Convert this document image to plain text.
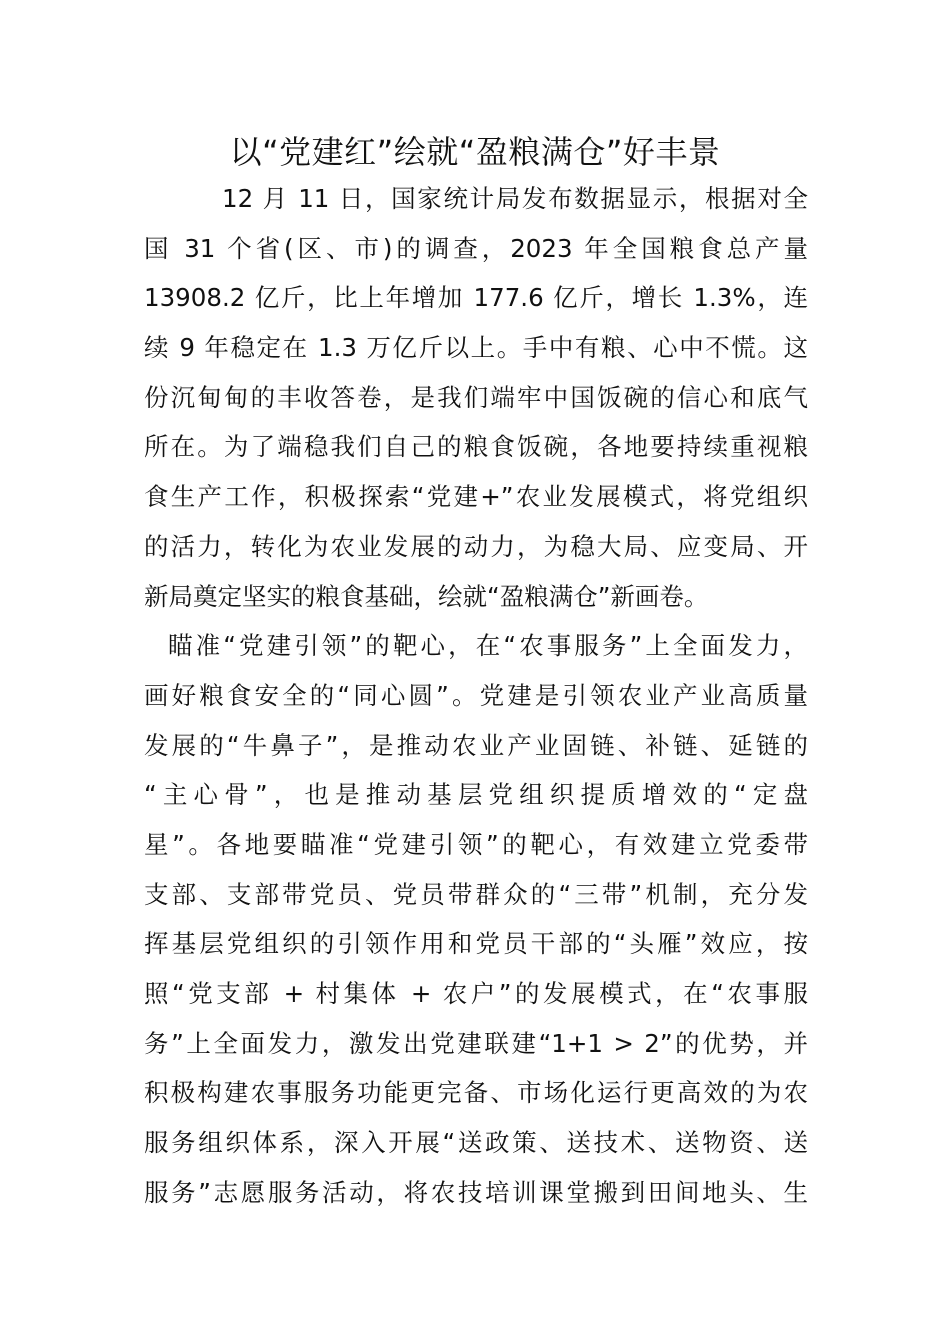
以“党建红”绘就“盈粮满仓”好丰景
12 月 11 日，国家统计局发布数据显示，根据对全
国 31 个省(区、市)的调查，2023 年全国粮食总产量
13908.2 亿斤，比上年增加 177.6 亿斤，增长 1.3%，连
续 9 年稳定在 1.3 万亿斤以上。手中有粮、心中不慌。这
份沉甸甸的丰收答卷，是我们端牢中国饭碗的信心和底气
所在。为了端稳我们自己的粮食饭碗，各地要持续重视粮
食生产工作，积极探索“党建+”农业发展模式，将党组织
的活力，转化为农业发展的动力，为稳大局、应变局、开
新局奠定坚实的粮食基础，绘就“盈粮满仓”新画卷。
瞄准“党建引领”的靶心，在“农事服务”上全面发力，
画好粮食安全的“同心圆”。党建是引领农业产业高质量
发展的“牛鼻子”，是推动农业产业固链、补链、延链的
“主心骨”，也是推动基层党组织提质增效的“定盘
星”。各地要瞄准“党建引领”的靶心，有效建立党委带
支部、支部带党员、党员带群众的“三带”机制，充分发
挥基层党组织的引领作用和党员干部的“头雁”效应，按
照“党支部 + 村集体 + 农户”的发展模式，在“农事服
务”上全面发力，激发出党建联建“1+1 > 2”的优势，并
积极构建农事服务功能更完备、市场化运行更高效的为农
服务组织体系，深入开展“送政策、送技术、送物资、送
服务”志愿服务活动，将农技培训课堂搬到田间地头、生
